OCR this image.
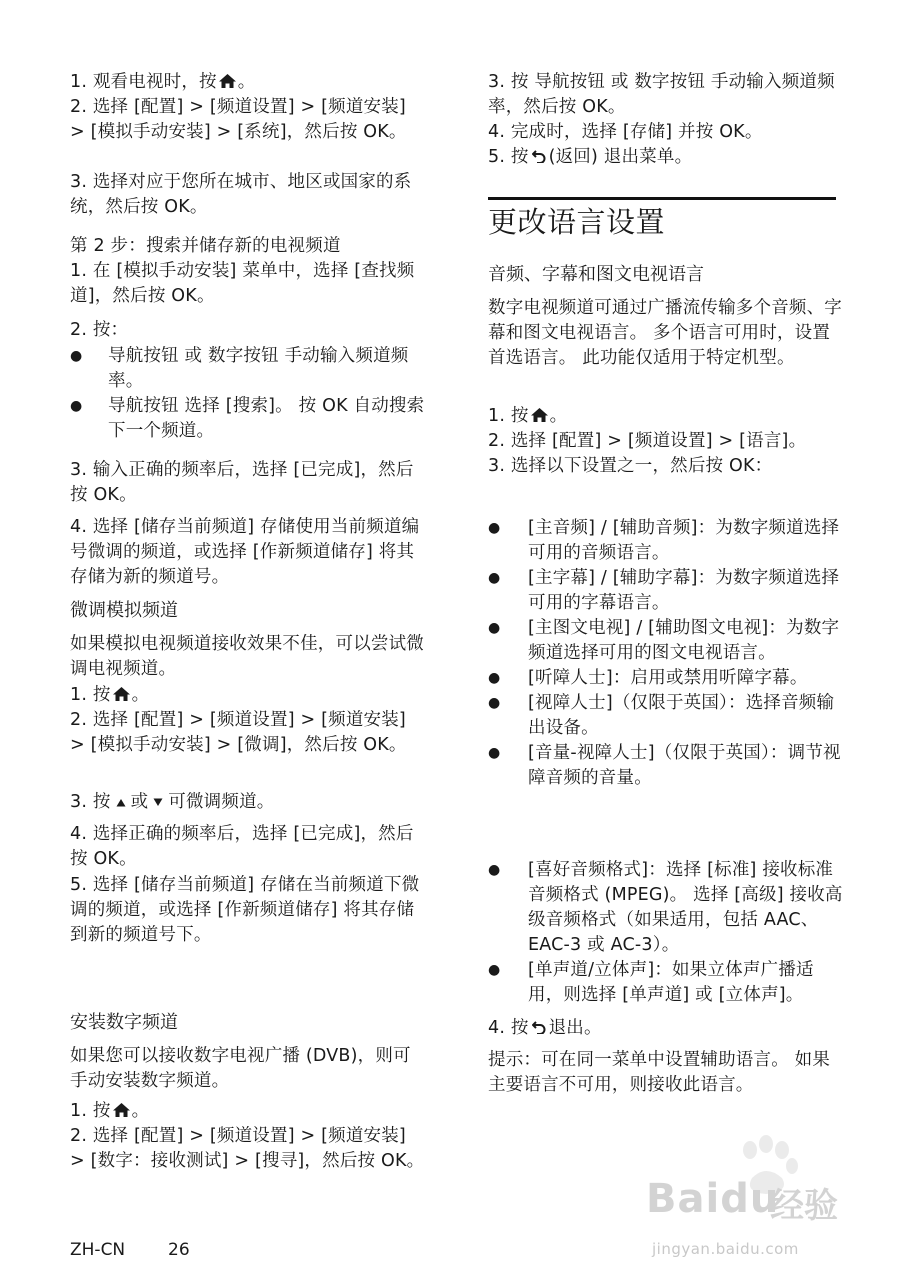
1. 观看电视时，按 。

2. 选择 [配置] > [频道设置] > [频道安装] > [模拟手动安装] > [系统]，然后按 OK。

3. 选择对应于您所在城市、地区或国家的系统，然后按 OK。

第 2 步：搜索并储存新的电视频道

1. 在 [模拟手动安装] 菜单中，选择 [查找频道]，然后按 OK。

2. 按：

●	导航按钮 或 数字按钮 手动输入频道频率。
●	导航按钮 选择 [搜索]。 按 OK 自动搜索下一个频道。

3. 输入正确的频率后，选择 [已完成]，然后按 OK。

4. 选择 [储存当前频道] 存储使用当前频道编号微调的频道，或选择 [作新频道储存] 将其存储为新的频道号。

微调模拟频道

如果模拟电视频道接收效果不佳，可以尝试微调电视频道。

1. 按 。

2. 选择 [配置] > [频道设置] > [频道安装] > [模拟手动安装] > [微调]，然后按 OK。

3. 按 或 可微调频道。

4. 选择正确的频率后，选择 [已完成]，然后按 OK。

5. 选择 [储存当前频道] 存储在当前频道下微调的频道，或选择 [作新频道储存] 将其存储到新的频道号下。

安装数字频道

如果您可以接收数字电视广播 (DVB)，则可手动安装数字频道。

1. 按 。

2. 选择 [配置] > [频道设置] > [频道安装] > [数字：接收测试] > [搜寻]，然后按 OK。

3. 按 导航按钮 或 数字按钮 手动输入频道频率，然后按 OK。

4. 完成时，选择 [存储] 并按 OK。

5. 按 (返回) 退出菜单。

更改语言设置

音频、字幕和图文电视语言

数字电视频道可通过广播流传输多个音频、字幕和图文电视语言。 多个语言可用时，设置首选语言。 此功能仅适用于特定机型。

1. 按 。

2. 选择 [配置] > [频道设置] > [语言]。

3. 选择以下设置之一，然后按 OK：

●	[主音频] / [辅助音频]：为数字频道选择可用的音频语言。
●	[主字幕] / [辅助字幕]：为数字频道选择可用的字幕语言。
●	[主图文电视] / [辅助图文电视]：为数字频道选择可用的图文电视语言。
●	[听障人士]：启用或禁用听障字幕。
●	[视障人士]（仅限于英国）：选择音频输出设备。
●	[音量-视障人士]（仅限于英国）：调节视障音频的音量。
●	[喜好音频格式]：选择 [标准] 接收标准音频格式 (MPEG)。 选择 [高级] 接收高级音频格式（如果适用，包括 AAC、EAC-3 或 AC-3）。
●	[单声道/立体声]：如果立体声广播适用，则选择 [单声道] 或 [立体声]。

4. 按 退出。

提示：可在同一菜单中设置辅助语言。 如果主要语言不可用，则接收此语言。

ZH-CN	26
Baidu
经验
jingyan.baidu.com
